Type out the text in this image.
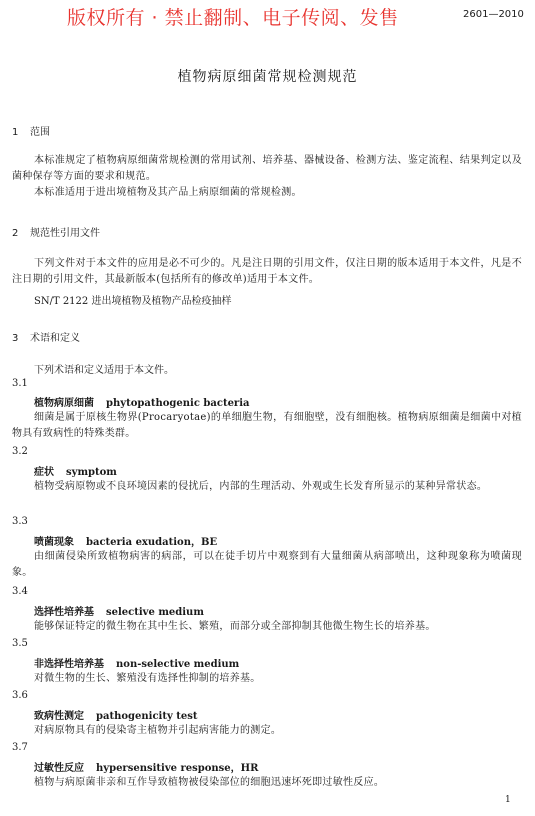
版权所有 · 禁止翻制、电子传阅、发售	2601—2010
植物病原细菌常规检测规范
1 范围
本标准规定了植物病原细菌常规检测的常用试剂、培养基、器械设备、检测方法、鉴定流程、结果判定以及菌种保存等方面的要求和规范。
本标准适用于进出境植物及其产品上病原细菌的常规检测。
2 规范性引用文件
下列文件对于本文件的应用是必不可少的。凡是注日期的引用文件，仅注日期的版本适用于本文件，凡是不注日期的引用文件，其最新版本(包括所有的修改单)适用于本文件。
SN/T 2122 进出境植物及植物产品检疫抽样
3 术语和定义
下列术语和定义适用于本文件。
3.1
植物病原细菌 phytopathogenic bacteria
细菌是属于原核生物界(Procaryotae)的单细胞生物，有细胞壁，没有细胞核。植物病原细菌是细菌中对植物具有致病性的特殊类群。
3.2
症状 symptom
植物受病原物或不良环境因素的侵扰后，内部的生理活动、外观或生长发育所显示的某种异常状态。
3.3
喷菌现象 bacteria exudation，BE
由细菌侵染所致植物病害的病部，可以在徒手切片中观察到有大量细菌从病部喷出，这种现象称为喷菌现象。
3.4
选择性培养基 selective medium
能够保证特定的微生物在其中生长、繁殖，而部分或全部抑制其他微生物生长的培养基。
3.5
非选择性培养基 non-selective medium
对微生物的生长、繁殖没有选择性抑制的培养基。
3.6
致病性测定 pathogenicity test
对病原物具有的侵染寄主植物并引起病害能力的测定。
3.7
过敏性反应 hypersensitive response，HR
植物与病原菌非亲和互作导致植物被侵染部位的细胞迅速坏死即过敏性反应。
1
